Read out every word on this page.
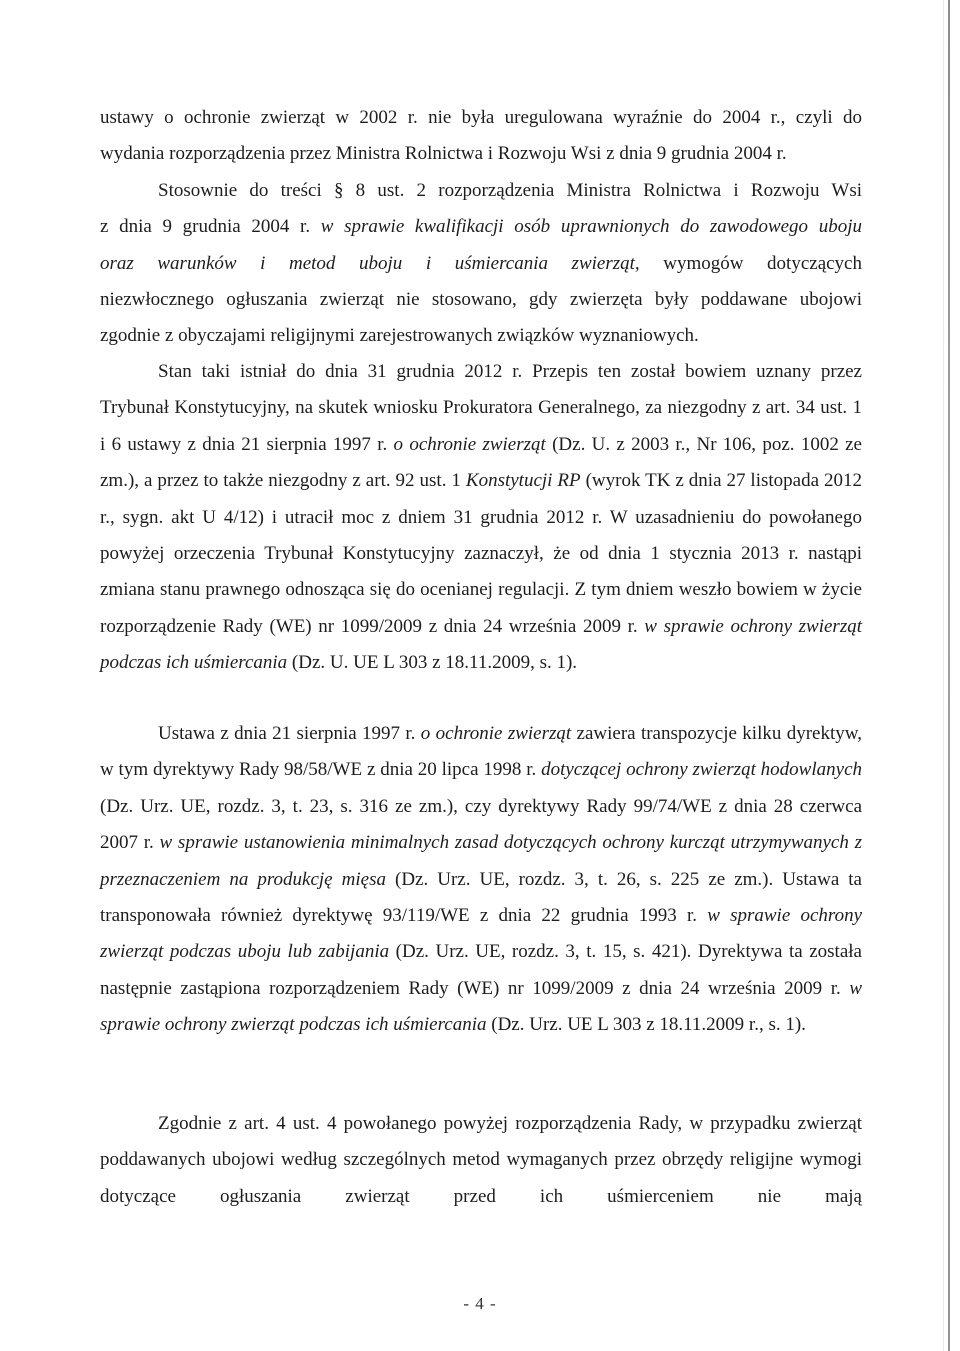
ustawy o ochronie zwierząt w 2002 r. nie była uregulowana wyraźnie do 2004 r., czyli do

wydania rozporządzenia przez Ministra Rolnictwa i Rozwoju Wsi z dnia 9 grudnia 2004 r.

Stosownie do treści § 8 ust. 2 rozporządzenia Ministra Rolnictwa i Rozwoju Wsi

z dnia 9 grudnia 2004 r. w sprawie kwalifikacji osób uprawnionych do zawodowego uboju

oraz warunków i metod uboju i uśmiercania zwierząt, wymogów dotyczących

niezwłocznego ogłuszania zwierząt nie stosowano, gdy zwierzęta były poddawane ubojowi

zgodnie z obyczajami religijnymi zarejestrowanych związków wyznaniowych.

Stan taki istniał do dnia 31 grudnia 2012 r. Przepis ten został bowiem uznany przez Trybunał Konstytucyjny, na skutek wniosku Prokuratora Generalnego, za niezgodny z art. 34 ust. 1 i 6 ustawy z dnia 21 sierpnia 1997 r. o ochronie zwierząt (Dz. U. z 2003 r., Nr 106, poz. 1002 ze zm.), a przez to także niezgodny z art. 92 ust. 1 Konstytucji RP (wyrok TK z dnia 27 listopada 2012 r., sygn. akt U 4/12) i utracił moc z dniem 31 grudnia 2012 r. W uzasadnieniu do powołanego powyżej orzeczenia Trybunał Konstytucyjny zaznaczył, że od dnia 1 stycznia 2013 r. nastąpi zmiana stanu prawnego odnosząca się do ocenianej regulacji. Z tym dniem weszło bowiem w życie rozporządzenie Rady (WE) nr 1099/2009 z dnia 24 września 2009 r. w sprawie ochrony zwierząt podczas ich uśmiercania (Dz. U. UE L 303 z 18.11.2009, s. 1).

Ustawa z dnia 21 sierpnia 1997 r. o ochronie zwierząt zawiera transpozycje kilku dyrektyw, w tym dyrektywy Rady 98/58/WE z dnia 20 lipca 1998 r. dotyczącej ochrony zwierząt hodowlanych (Dz. Urz. UE, rozdz. 3, t. 23, s. 316 ze zm.), czy dyrektywy Rady 99/74/WE z dnia 28 czerwca 2007 r. w sprawie ustanowienia minimalnych zasad dotyczących ochrony kurcząt utrzymywanych z przeznaczeniem na produkcję mięsa (Dz. Urz. UE, rozdz. 3, t. 26, s. 225 ze zm.). Ustawa ta transponowała również dyrektywę 93/119/WE z dnia 22 grudnia 1993 r. w sprawie ochrony zwierząt podczas uboju lub zabijania (Dz. Urz. UE, rozdz. 3, t. 15, s. 421). Dyrektywa ta została następnie zastąpiona rozporządzeniem Rady (WE) nr 1099/2009 z dnia 24 września 2009 r. w sprawie ochrony zwierząt podczas ich uśmiercania (Dz. Urz. UE L 303 z 18.11.2009 r., s. 1).

Zgodnie z art. 4 ust. 4 powołanego powyżej rozporządzenia Rady, w przypadku zwierząt poddawanych ubojowi według szczególnych metod wymaganych przez obrzędy religijne wymogi dotyczące ogłuszania zwierząt przed ich uśmierceniem nie mają

- 4 -
